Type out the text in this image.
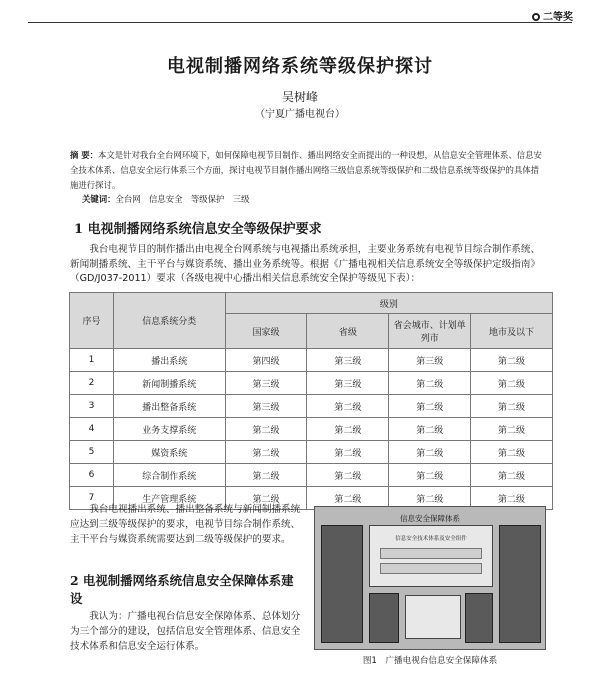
二等奖
电视制播网络系统等级保护探讨
吴树峰
（宁夏广播电视台）
摘 要：本文是针对我台全台网环境下，如何保障电视节目制作、播出网络安全而提出的一种设想，从信息安全管理体系、信息安全技术体系、信息安全运行体系三个方面，探讨电视节目制作播出网络三级信息系统等级保护和二级信息系统等级保护的具体措施进行探讨。
关键词：全台网　信息安全　等级保护　三级
1 电视制播网络系统信息安全等级保护要求
我台电视节目的制作播出由电视全台网系统与电视播出系统承担，主要业务系统有电视节目综合制作系统、新闻制播系统、主干平台与媒资系统、播出业务系统等。根据《广播电视相关信息系统安全等级保护定级指南》（GD/J037-2011）要求（各级电视中心播出相关信息系统安全保护等级见下表）：
序号	信息系统分类	级别			
		国家级	省级	省会城市、计划单列市	地市及以下
1	播出系统	第四级	第三级	第三级	第二级
2	新闻制播系统	第三级	第三级	第二级	第二级
3	播出整备系统	第三级	第二级	第二级	第二级
4	业务支撑系统	第二级	第二级	第二级	第二级
5	媒资系统	第二级	第二级	第二级	第二级
6	综合制作系统	第二级	第二级	第二级	第二级
7	生产管理系统	第二级	第二级	第二级	第二级
我台电视播出系统、播出整备系统与新闻制播系统应达到三级等级保护的要求，电视节目综合制作系统、主干平台与媒资系统需要达到二级等级保护的要求。
2 电视制播网络系统信息安全保障体系建设
我认为：广播电视台信息安全保障体系、总体划分为三个部分的建设，包括信息安全管理体系、信息安全技术体系和信息安全运行体系。
信息安全技术体系及安全组件
信息安全保障体系
图1　广播电视台信息安全保障体系
